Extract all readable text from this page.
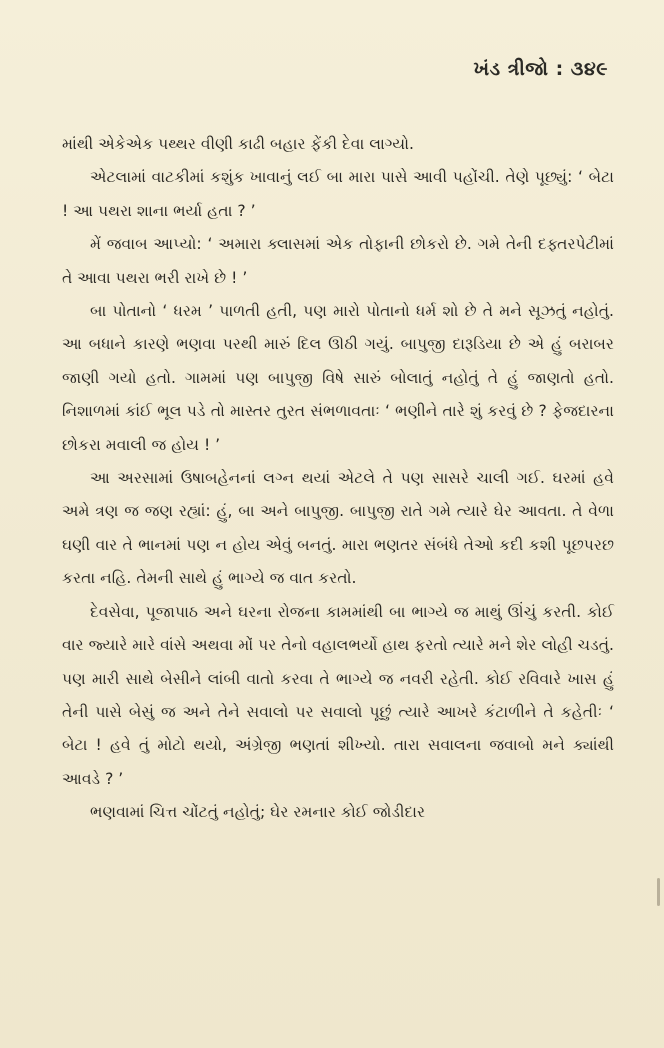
ખંડ ત્રીજો : ૩૪૯

માંથી એકેએક પથ્થર વીણી કાઢી બહાર ફેંકી દેવા લાગ્યો.

એટલામાં વાટકીમાં કશુંક ખાવાનું લઈ બા મારા પાસે આવી પહોંચી. તેણે પૂછ્યું: ‘ બેટા ! આ પથરા શાના ભર્યા હતા ? ’

મેં જવાબ આપ્યો: ‘ અમારા ક્લાસમાં એક તોફાની છોકરો છે. ગમે તેની દફ્તરપેટીમાં તે આવા પથરા ભરી રાખે છે ! ’

બા પોતાનો ‘ ધરમ ’ પાળતી હતી, પણ મારો પોતાનો ધર્મ શો છે તે મને સૂઝતું નહોતું. આ બધાને કારણે ભણવા પરથી મારું દિલ ઊઠી ગયું. બાપુજી દારૂડિયા છે એ હું બરાબર જાણી ગયો હતો. ગામમાં પણ બાપુજી વિષે સારું બોલાતું નહોતું તે હું જાણતો હતો. નિશાળમાં કાંઈ ભૂલ પડે તો માસ્તર તુરત સંભળાવતાઃ ‘ ભણીને તારે શું કરવું છે ? ફેજદારના છોકરા મવાલી જ હોય ! ’

આ અરસામાં ઉષાબહેનનાં લગ્ન થયાં એટલે તે પણ સાસરે ચાલી ગઈ. ઘરમાં હવે અમે ત્રણ જ જણ રહ્યાં: હું, બા અને બાપુજી. બાપુજી રાતે ગમે ત્યારે ઘેર આવતા. તે વેળા ઘણી વાર તે ભાનમાં પણ ન હોય એવું બનતું. મારા ભણતર સંબંધે તેઓ કદી કશી પૂછપરછ કરતા નહિ. તેમની સાથે હું ભાગ્યે જ વાત કરતો.

દેવસેવા, પૂજાપાઠ અને ઘરના રોજના કામમાંથી બા ભાગ્યે જ માથું ઊંચું કરતી. કોઈ વાર જ્યારે મારે વાંસે અથવા મોં પર તેનો વહાલભર્યો હાથ ફરતો ત્યારે મને શેર લોહી ચડતું. પણ મારી સાથે બેસીને લાંબી વાતો કરવા તે ભાગ્યે જ નવરી રહેતી. કોઈ રવિવારે ખાસ હું તેની પાસે બેસું જ અને તેને સવાલો પર સવાલો પૂછું ત્યારે આખરે કંટાળીને તે કહેતીઃ ‘ બેટા ! હવે તું મોટો થયો, અંગ્રેજી ભણતાં શીખ્યો. તારા સવાલના જવાબો મને ક્યાંથી આવડે ? ’

ભણવામાં ચિત્ત ચોંટતું નહોતું; ઘેર રમનાર કોઈ જોડીદાર
